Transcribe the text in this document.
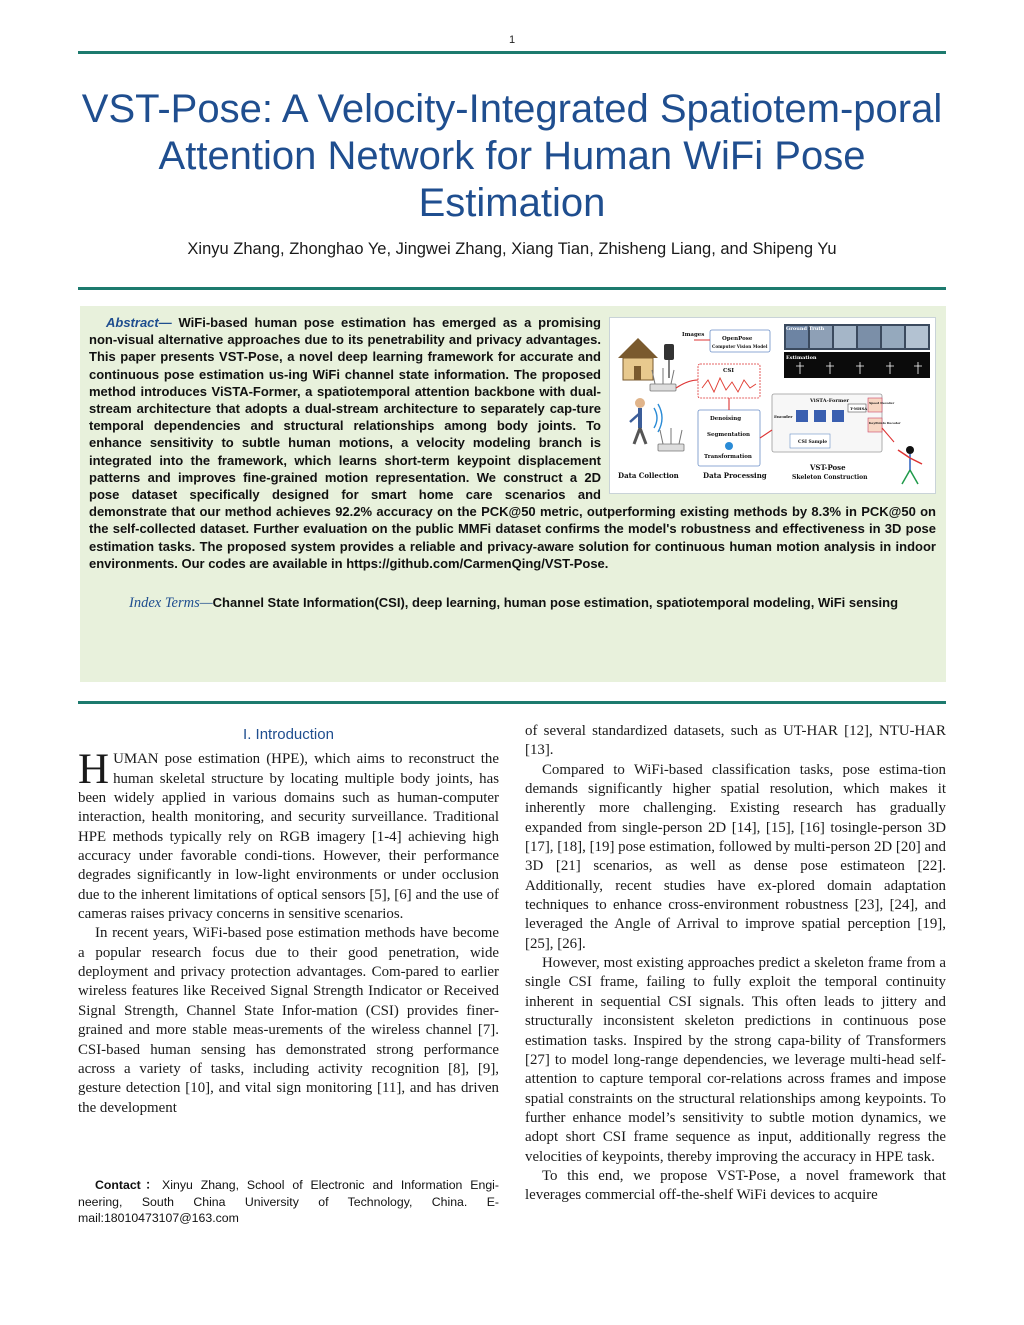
1
VST-Pose: A Velocity-Integrated Spatiotem-poral Attention Network for Human WiFi Pose Estimation
Xinyu Zhang, Zhonghao Ye, Jingwei Zhang, Xiang Tian, Zhisheng Liang, and Shipeng Yu
Data Collection
Images
OpenPose
Computer Vision Model
CSI
Denoising
Segmentation
Transformation
Data Processing
ViSTA-Former
Encoder
T-MHSA
Speed Decoder
KeyPoints Decoder
CSI Sample
VST-Pose
Skeleton Construction
Ground Truth
Estimation

Abstract— WiFi-based human pose estimation has emerged as a promising non-visual alternative approaches due to its penetrability and privacy advantages. This paper presents VST-Pose, a novel deep learning framework for accurate and continuous pose estimation us-ing WiFi channel state information. The proposed method introduces ViSTA-Former, a spatiotemporal attention backbone with dual-stream architecture that adopts a dual-stream architecture to separately cap-ture temporal dependencies and structural relationships among body joints. To enhance sensitivity to subtle human motions, a velocity modeling branch is integrated into the framework, which learns short-term keypoint displacement patterns and improves fine-grained motion representation. We construct a 2D pose dataset specifically designed for smart home care scenarios and demonstrate that our method achieves 92.2% accuracy on the PCK@50 metric, outperforming existing methods by 8.3% in PCK@50 on the self-collected dataset. Further evaluation on the public MMFi dataset confirms the model's robustness and effectiveness in 3D pose estimation tasks. The proposed system provides a reliable and privacy-aware solution for continuous human motion analysis in indoor environments. Our codes are available in https://github.com/CarmenQing/VST-Pose.

Index Terms—Channel State Information(CSI), deep learning, human pose estimation, spatiotemporal modeling, WiFi sensing

I. Introduction

HUMAN pose estimation (HPE), which aims to reconstruct the human skeletal structure by locating multiple body joints, has been widely applied in various domains such as human-computer interaction, health monitoring, and security surveillance. Traditional HPE methods typically rely on RGB imagery [1-4] achieving high accuracy under favorable condi-tions. However, their performance degrades significantly in low-light environments or under occlusion due to the inherent limitations of optical sensors [5], [6] and the use of cameras raises privacy concerns in sensitive scenarios.

In recent years, WiFi-based pose estimation methods have become a popular research focus due to their good penetration, wide deployment and privacy protection advantages. Com-pared to earlier wireless features like Received Signal Strength Indicator or Received Signal Strength, Channel State Infor-mation (CSI) provides finer-grained and more stable meas-urements of the wireless channel [7]. CSI-based human sensing has demonstrated strong performance across a variety of tasks, including activity recognition [8], [9], gesture detection [10], and vital sign monitoring [11], and has driven the development

Contact：Xinyu Zhang, School of Electronic and Information Engi-neering, South China University of Technology, China. E-mail:18010473107@163.com

of several standardized datasets, such as UT-HAR [12], NTU-HAR [13].

Compared to WiFi-based classification tasks, pose estima-tion demands significantly higher spatial resolution, which makes it inherently more challenging. Existing research has gradually expanded from single-person 2D [14], [15], [16] tosingle-person 3D [17], [18], [19] pose estimation, followed by multi-person 2D [20] and 3D [21] scenarios, as well as dense pose estimateon [22]. Additionally, recent studies have ex-plored domain adaptation techniques to enhance cross-environment robustness [23], [24], and leveraged the Angle of Arrival to improve spatial perception [19], [25], [26].

However, most existing approaches predict a skeleton frame from a single CSI frame, failing to fully exploit the temporal continuity inherent in sequential CSI signals. This often leads to jittery and structurally inconsistent skeleton predictions in continuous pose estimation tasks. Inspired by the strong capa-bility of Transformers [27] to model long-range dependencies, we leverage multi-head self-attention to capture temporal cor-relations across frames and impose spatial constraints on the structural relationships among keypoints. To further enhance model’s sensitivity to subtle motion dynamics, we adopt short CSI frame sequence as input, additionally regress the velocities of keypoints, thereby improving the accuracy in HPE task.

To this end, we propose VST-Pose, a novel framework that leverages commercial off-the-shelf WiFi devices to acquire
